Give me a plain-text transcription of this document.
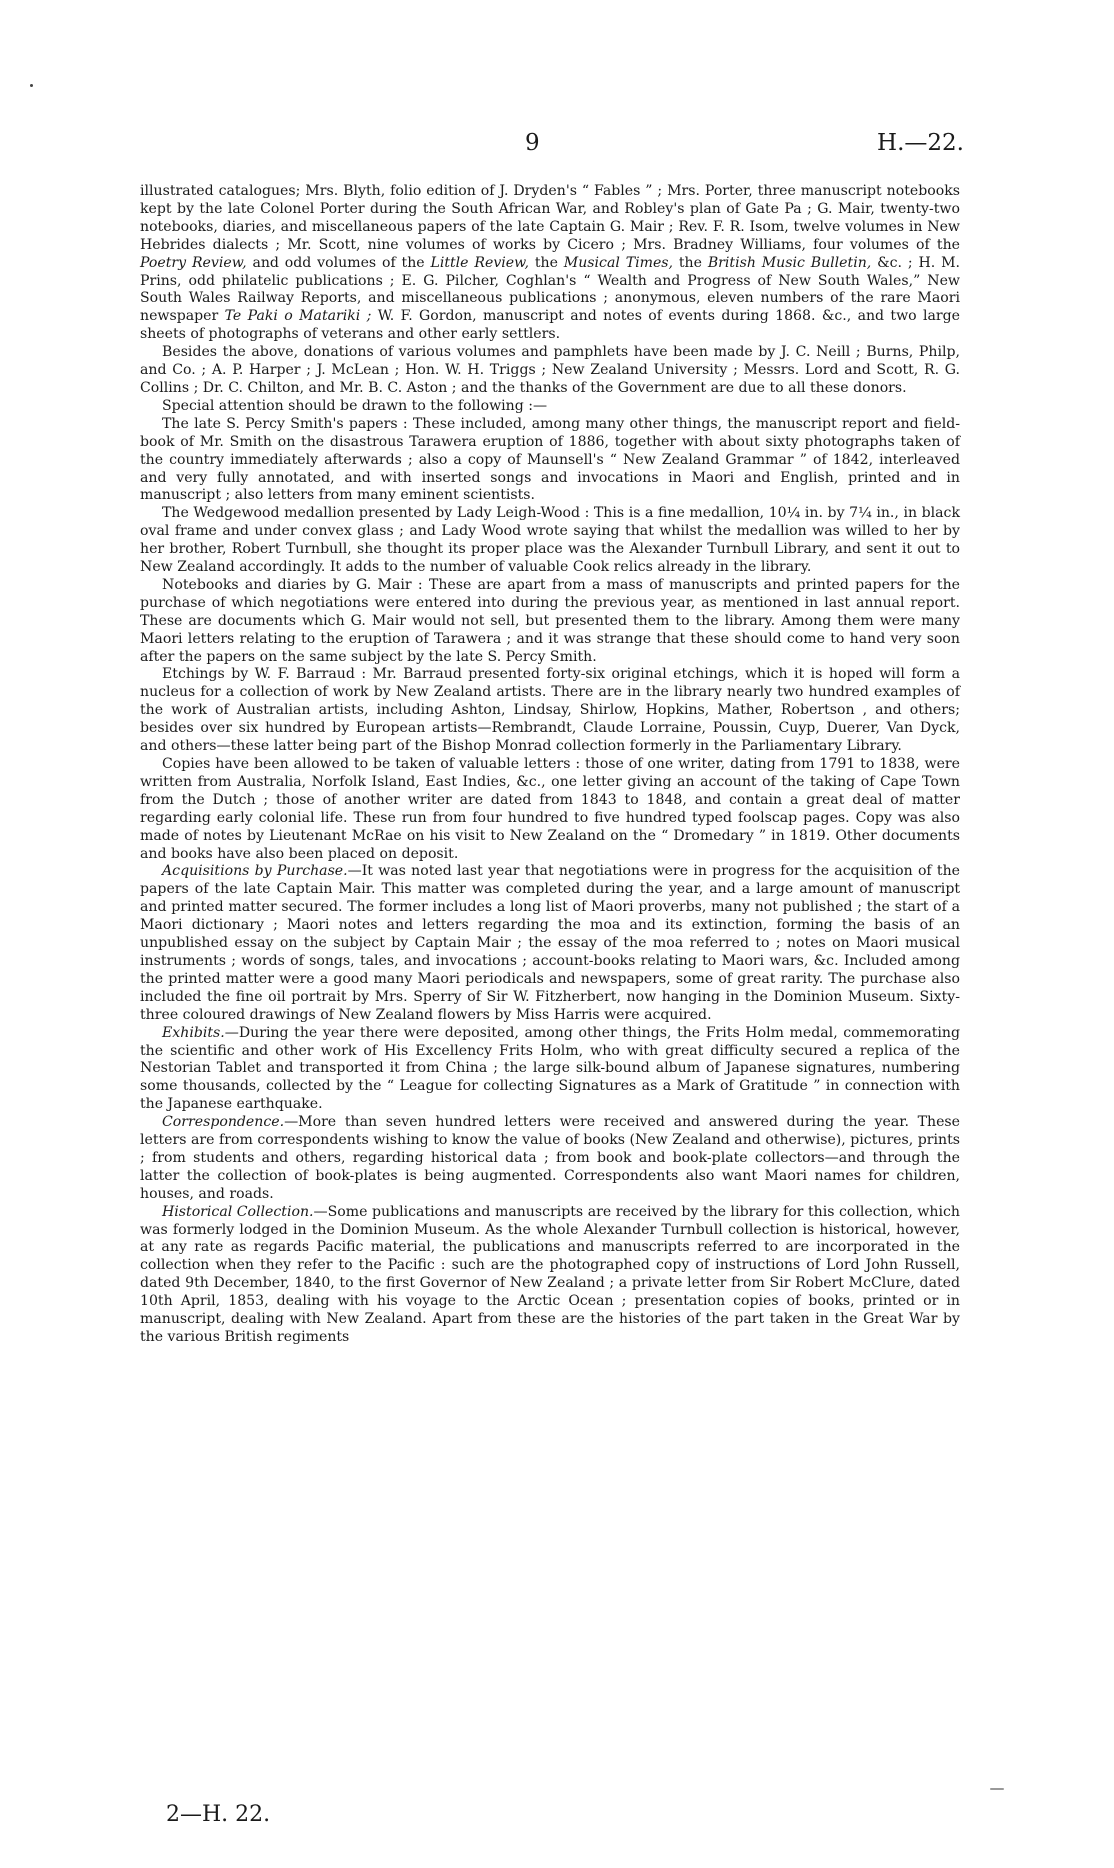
9	H.—22.

illustrated catalogues; Mrs. Blyth, folio edition of J. Dryden's “ Fables ” ; Mrs. Porter, three manuscript notebooks kept by the late Colonel Porter during the South African War, and Robley's plan of Gate Pa ; G. Mair, twenty-two notebooks, diaries, and miscellaneous papers of the late Captain G. Mair ; Rev. F. R. Isom, twelve volumes in New Hebrides dialects ; Mr. Scott, nine volumes of works by Cicero ; Mrs. Bradney Williams, four volumes of the Poetry Review, and odd volumes of the Little Review, the Musical Times, the British Music Bulletin, &c. ; H. M. Prins, odd philatelic publications ; E. G. Pilcher, Coghlan's “ Wealth and Progress of New South Wales,” New South Wales Railway Reports, and miscellaneous publications ; anonymous, eleven numbers of the rare Maori newspaper Te Paki o Matariki ; W. F. Gordon, manuscript and notes of events during 1868. &c., and two large sheets of photographs of veterans and other early settlers.

Besides the above, donations of various volumes and pamphlets have been made by J. C. Neill ; Burns, Philp, and Co. ; A. P. Harper ; J. McLean ; Hon. W. H. Triggs ; New Zealand University ; Messrs. Lord and Scott, R. G. Collins ; Dr. C. Chilton, and Mr. B. C. Aston ; and the thanks of the Government are due to all these donors.

Special attention should be drawn to the following :—

The late S. Percy Smith's papers : These included, among many other things, the manuscript report and field-book of Mr. Smith on the disastrous Tarawera eruption of 1886, together with about sixty photographs taken of the country immediately afterwards ; also a copy of Maunsell's “ New Zealand Grammar ” of 1842, interleaved and very fully annotated, and with inserted songs and invocations in Maori and English, printed and in manuscript ; also letters from many eminent scientists.

The Wedgewood medallion presented by Lady Leigh-Wood : This is a fine medallion, 10¼ in. by 7¼ in., in black oval frame and under convex glass ; and Lady Wood wrote saying that whilst the medallion was willed to her by her brother, Robert Turnbull, she thought its proper place was the Alexander Turnbull Library, and sent it out to New Zealand accordingly. It adds to the number of valuable Cook relics already in the library.

Notebooks and diaries by G. Mair : These are apart from a mass of manuscripts and printed papers for the purchase of which negotiations were entered into during the previous year, as mentioned in last annual report. These are documents which G. Mair would not sell, but presented them to the library. Among them were many Maori letters relating to the eruption of Tarawera ; and it was strange that these should come to hand very soon after the papers on the same subject by the late S. Percy Smith.

Etchings by W. F. Barraud : Mr. Barraud presented forty-six original etchings, which it is hoped will form a nucleus for a collection of work by New Zealand artists. There are in the library nearly two hundred examples of the work of Australian artists, including Ashton, Lindsay, Shirlow, Hopkins, Mather, Robertson , and others; besides over six hundred by European artists—Rembrandt, Claude Lorraine, Poussin, Cuyp, Duerer, Van Dyck, and others—these latter being part of the Bishop Monrad collection formerly in the Parliamentary Library.

Copies have been allowed to be taken of valuable letters : those of one writer, dating from 1791 to 1838, were written from Australia, Norfolk Island, East Indies, &c., one letter giving an account of the taking of Cape Town from the Dutch ; those of another writer are dated from 1843 to 1848, and contain a great deal of matter regarding early colonial life. These run from four hundred to five hundred typed foolscap pages. Copy was also made of notes by Lieutenant McRae on his visit to New Zealand on the “ Dromedary ” in 1819. Other documents and books have also been placed on deposit.

Acquisitions by Purchase.—It was noted last year that negotiations were in progress for the acquisition of the papers of the late Captain Mair. This matter was completed during the year, and a large amount of manuscript and printed matter secured. The former includes a long list of Maori proverbs, many not published ; the start of a Maori dictionary ; Maori notes and letters regarding the moa and its extinction, forming the basis of an unpublished essay on the subject by Captain Mair ; the essay of the moa referred to ; notes on Maori musical instruments ; words of songs, tales, and invocations ; account-books relating to Maori wars, &c. Included among the printed matter were a good many Maori periodicals and newspapers, some of great rarity. The purchase also included the fine oil portrait by Mrs. Sperry of Sir W. Fitzherbert, now hanging in the Dominion Museum. Sixty-three coloured drawings of New Zealand flowers by Miss Harris were acquired.

Exhibits.—During the year there were deposited, among other things, the Frits Holm medal, commemorating the scientific and other work of His Excellency Frits Holm, who with great difficulty secured a replica of the Nestorian Tablet and transported it from China ; the large silk-bound album of Japanese signatures, numbering some thousands, collected by the “ League for collecting Signatures as a Mark of Gratitude ” in connection with the Japanese earthquake.

Correspondence.—More than seven hundred letters were received and answered during the year. These letters are from correspondents wishing to know the value of books (New Zealand and otherwise), pictures, prints ; from students and others, regarding historical data ; from book and book-plate collectors—and through the latter the collection of book-plates is being augmented. Correspondents also want Maori names for children, houses, and roads.

Historical Collection.—Some publications and manuscripts are received by the library for this collection, which was formerly lodged in the Dominion Museum. As the whole Alexander Turnbull collection is historical, however, at any rate as regards Pacific material, the publications and manuscripts referred to are incorporated in the collection when they refer to the Pacific : such are the photographed copy of instructions of Lord John Russell, dated 9th December, 1840, to the first Governor of New Zealand ; a private letter from Sir Robert McClure, dated 10th April, 1853, dealing with his voyage to the Arctic Ocean ; presentation copies of books, printed or in manuscript, dealing with New Zealand. Apart from these are the histories of the part taken in the Great War by the various British regiments

2—H. 22.
